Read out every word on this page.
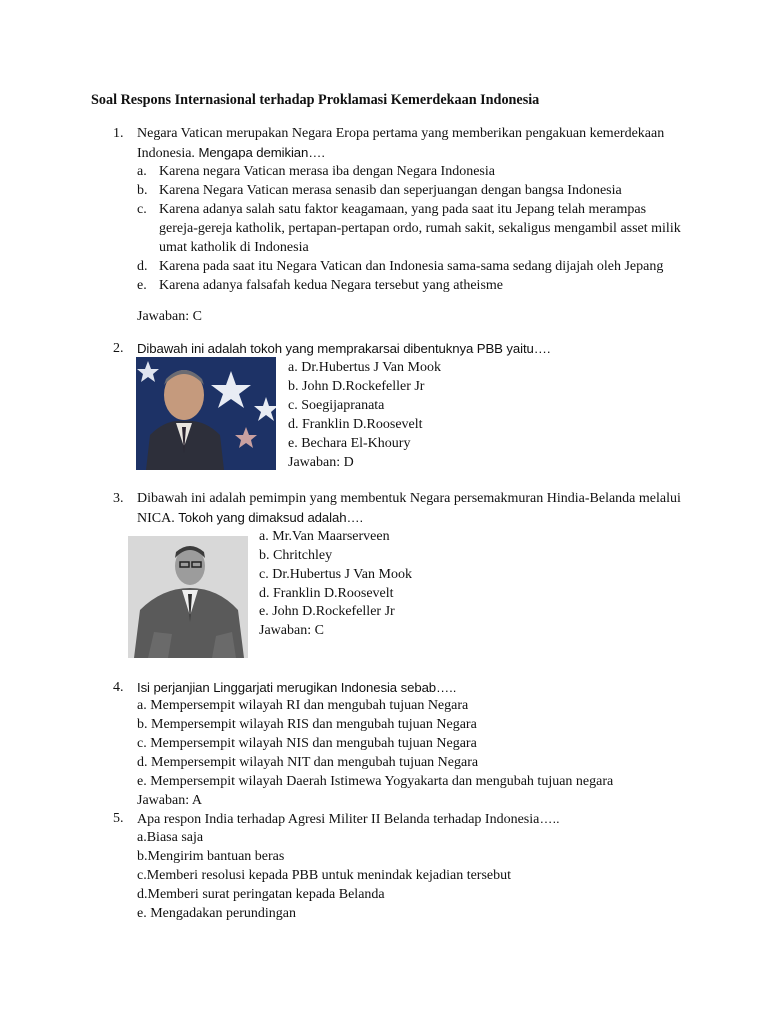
Soal Respons Internasional terhadap Proklamasi Kemerdekaan Indonesia
1. Negara Vatican merupakan Negara Eropa pertama yang memberikan pengakuan kemerdekaan
Indonesia. Mengapa demikian….
a. Karena negara Vatican merasa iba dengan Negara Indonesia
b. Karena Negara Vatican merasa senasib dan seperjuangan dengan bangsa Indonesia
c. Karena adanya salah satu faktor keagamaan, yang pada saat itu Jepang telah merampas
gereja-gereja katholik, pertapan-pertapan ordo, rumah sakit, sekaligus mengambil asset milik
umat katholik di Indonesia
d. Karena pada saat itu Negara Vatican dan Indonesia sama-sama sedang dijajah oleh Jepang
e. Karena adanya falsafah kedua Negara tersebut yang atheisme
Jawaban: C
2. Dibawah ini adalah tokoh yang memprakarsai dibentuknya PBB yaitu….
a. Dr.Hubertus J Van Mook
b. John D.Rockefeller Jr
c. Soegijapranata
d. Franklin D.Roosevelt
e. Bechara El-Khoury
Jawaban: D
3. Dibawah ini adalah pemimpin yang membentuk Negara persemakmuran Hindia-Belanda melalui
NICA. Tokoh yang dimaksud adalah….
a. Mr.Van Maarserveen
b. Chritchley
c. Dr.Hubertus J Van Mook
d. Franklin D.Roosevelt
e. John D.Rockefeller Jr
Jawaban: C
4. Isi perjanjian Linggarjati merugikan Indonesia sebab…..
a. Mempersempit wilayah RI dan mengubah tujuan Negara
b. Mempersempit wilayah RIS dan mengubah tujuan Negara
c. Mempersempit wilayah NIS dan mengubah tujuan Negara
d. Mempersempit wilayah NIT dan mengubah tujuan Negara
e. Mempersempit wilayah Daerah Istimewa Yogyakarta dan mengubah tujuan negara
Jawaban: A
5. Apa respon India terhadap Agresi Militer II Belanda terhadap Indonesia…..
a.Biasa saja
b.Mengirim bantuan beras
c.Memberi resolusi kepada PBB untuk menindak kejadian tersebut
d.Memberi surat peringatan kepada Belanda
e. Mengadakan perundingan
